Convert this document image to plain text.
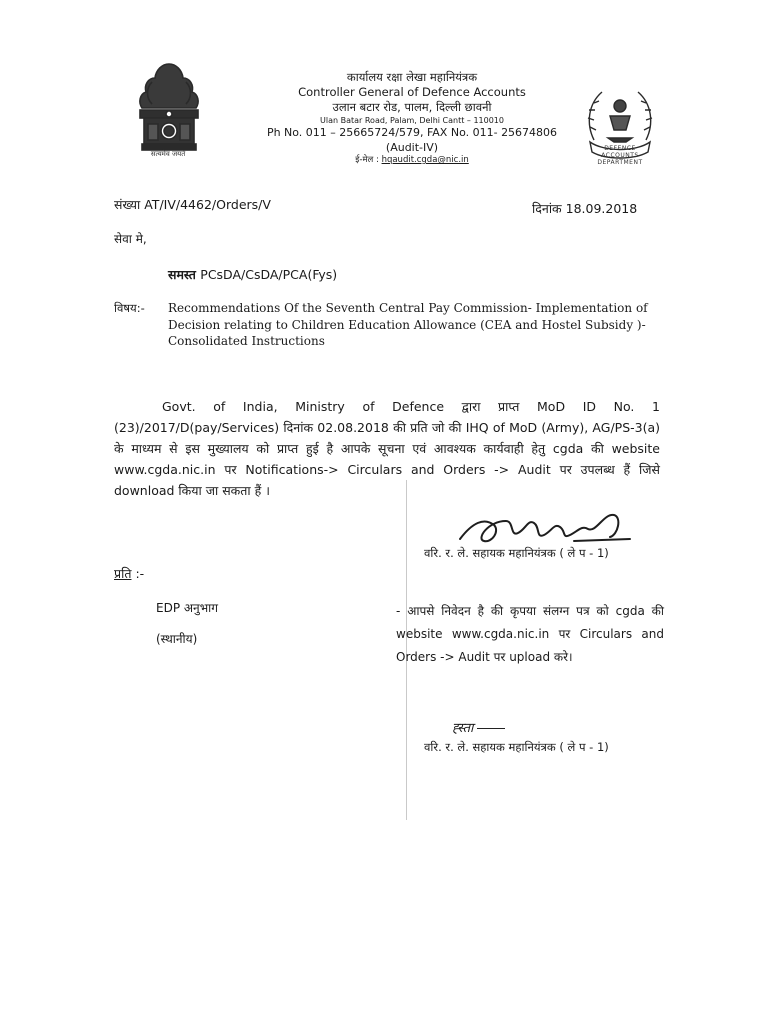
सत्यमेव जयते
कार्यालय रक्षा लेखा महानियंत्रक
Controller General of Defence Accounts
उलान बटार रोड, पालम, दिल्ली छावनी
Ulan Batar Road, Palam, Delhi Cantt – 110010
Ph No. 011 – 25665724/579, FAX No. 011- 25674806
(Audit-IV)
ई-मेल : hqaudit.cgda@nic.in
DEFENCE ACCOUNTS DEPARTMENT
संख्या AT/IV/4462/Orders/V	दिनांक 18.09.2018
सेवा मे,
समस्त PCsDA/CsDA/PCA(Fys)
विषय:- Recommendations Of the Seventh Central Pay Commission- Implementation of Decision relating to Children Education Allowance (CEA and Hostel Subsidy )- Consolidated Instructions
Govt. of India, Ministry of Defence द्वारा प्राप्त MoD ID No. 1 (23)/2017/D(pay/Services) दिनांक 02.08.2018 की प्रति जो की IHQ of MoD (Army), AG/PS-3(a) के माध्यम से इस मुख्यालय को प्राप्त हुई है आपके सूचना एवं आवश्यक कार्यवाही हेतु cgda की website www.cgda.nic.in पर Notifications-> Circulars and Orders -> Audit पर उपलब्ध हैं जिसे download किया जा सकता हैं ।
वरि. र. ले. सहायक महानियंत्रक ( ले प - 1)
प्रति :-
EDP अनुभाग
(स्थानीय)
- आपसे निवेदन है की कृपया संलग्न पत्र को cgda की website www.cgda.nic.in पर Circulars and Orders -> Audit पर upload करे।
ह्स्ता
वरि. र. ले. सहायक महानियंत्रक ( ले प - 1)
